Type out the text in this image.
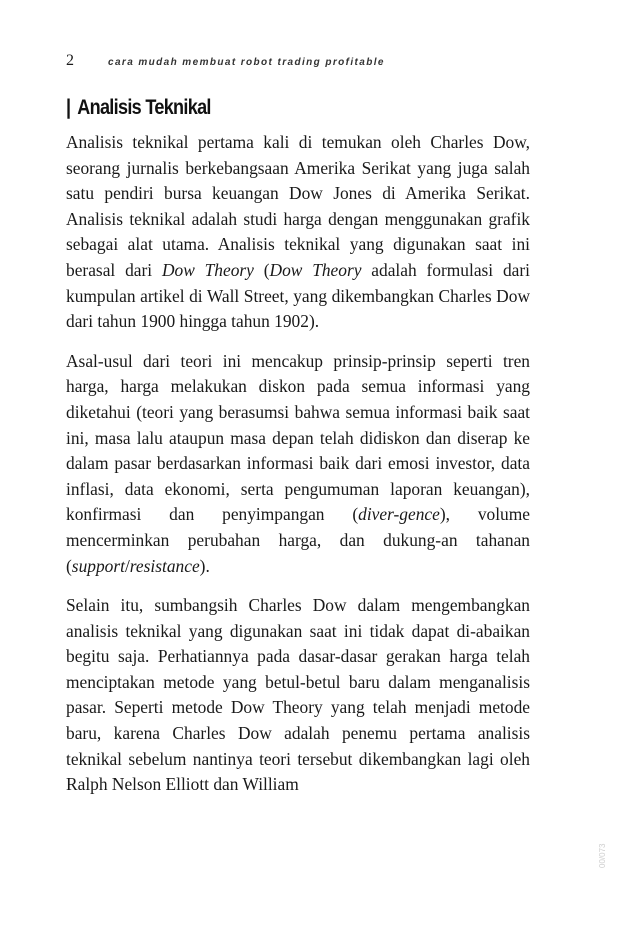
2	cara mudah membuat robot trading profitable
| Analisis Teknikal

Analisis teknikal pertama kali di temukan oleh Charles Dow, seorang jurnalis berkebangsaan Amerika Serikat yang juga salah satu pendiri bursa keuangan Dow Jones di Amerika Serikat. Analisis teknikal adalah studi harga dengan menggunakan grafik sebagai alat utama. Analisis teknikal yang digunakan saat ini berasal dari Dow Theory (Dow Theory adalah formulasi dari kumpulan artikel di Wall Street, yang dikembangkan Charles Dow dari tahun 1900 hingga tahun 1902).

Asal-usul dari teori ini mencakup prinsip-prinsip seperti tren harga, harga melakukan diskon pada semua informasi yang diketahui (teori yang berasumsi bahwa semua informasi baik saat ini, masa lalu ataupun masa depan telah didiskon dan diserap ke dalam pasar berdasarkan informasi baik dari emosi investor, data inflasi, data ekonomi, serta pengumuman laporan keuangan), konfirmasi dan penyimpangan (diver-gence), volume mencerminkan perubahan harga, dan dukung-an tahanan (support/resistance).

Selain itu, sumbangsih Charles Dow dalam mengembangkan analisis teknikal yang digunakan saat ini tidak dapat di-abaikan begitu saja. Perhatiannya pada dasar-dasar gerakan harga telah menciptakan metode yang betul-betul baru dalam menganalisis pasar. Seperti metode Dow Theory yang telah menjadi metode baru, karena Charles Dow adalah penemu pertama analisis teknikal sebelum nantinya teori tersebut dikembangkan lagi oleh Ralph Nelson Elliott dan William

00/073
